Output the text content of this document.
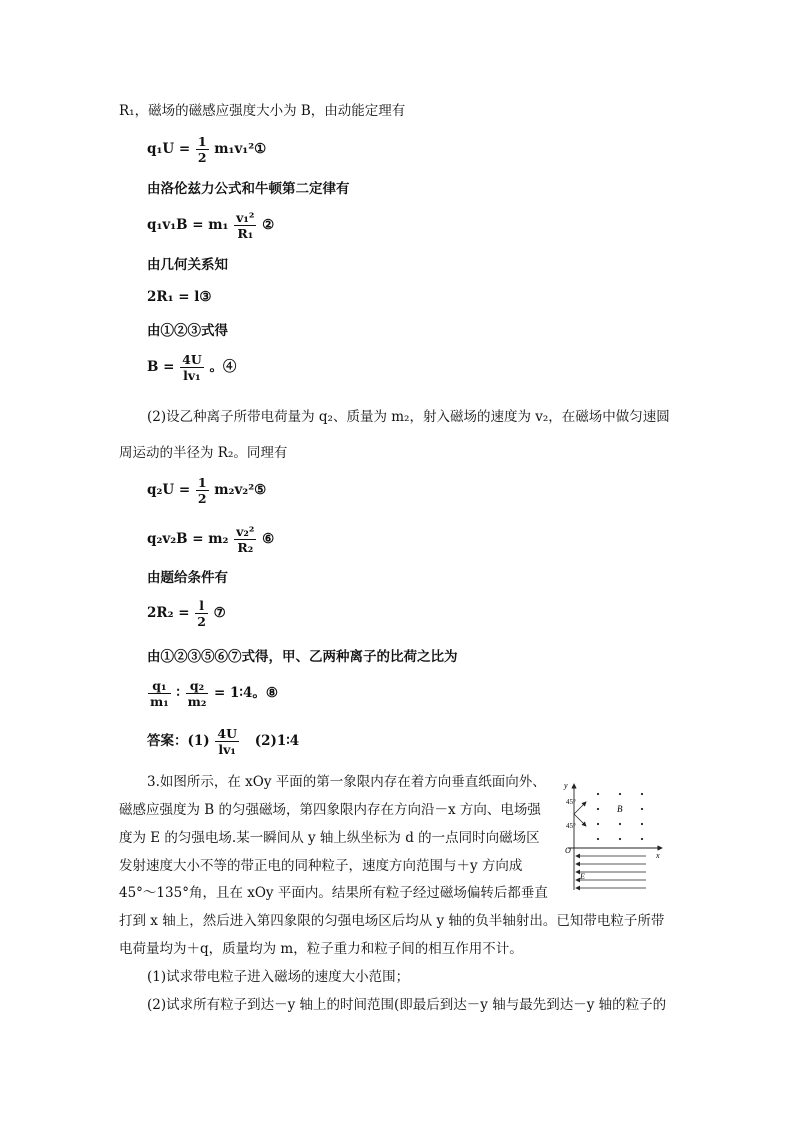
R₁，磁场的磁感应强度大小为 B，由动能定理有
$q_1U = \frac{1}{2}$ m₁v₁²①
由洛伦兹力公式和牛顿第二定律有
$q_1v_1B = m_1 \frac{\text{v₁²}}{\text{R₁}}$ ②
由几何关系知
2R₁ = l③
由①②③式得
$B = \frac{4U}{\text{lv₁}}$ 。④
(2)设乙种离子所带电荷量为 q₂、质量为 m₂，射入磁场的速度为 v₂，在磁场中做匀速圆
周运动的半径为 R₂。同理有
$q_2U = \frac{1}{2}$ m₂v₂²⑤
$q_2v_2B = m_2 \frac{\text{v₂²}}{\text{R₂}}$ ⑥
由题给条件有
$2R_2 = \frac{l}{2}$ ⑦
由①②③⑤⑥⑦式得，甲、乙两种离子的比荷之比为
$\frac{\text{q₁}}{\text{m₁}}$ ∶ $\frac{\text{q₂}}{\text{m₂}}$ = 1∶4。⑧
答案：$(1) \frac{4U}{\text{lv₁}}$ (2)1∶4
3.如图所示，在 xOy 平面的第一象限内存在着方向垂直纸面向外、
磁感应强度为 B 的匀强磁场，第四象限内存在方向沿－x 方向、电场强
度为 E 的匀强电场.某一瞬间从 y 轴上纵坐标为 d 的一点同时向磁场区
发射速度大小不等的带正电的同种粒子，速度方向范围与＋y 方向成
45°～135°角，且在 xOy 平面内。结果所有粒子经过磁场偏转后都垂直
打到 x 轴上，然后进入第四象限的匀强电场区后均从 y 轴的负半轴射出。已知带电粒子所带
电荷量均为＋q，质量均为 m，粒子重力和粒子间的相互作用不计。
(1)试求带电粒子进入磁场的速度大小范围；
(2)试求所有粒子到达－y 轴上的时间范围(即最后到达－y 轴与最先到达－y 轴的粒子的
y
x
O
B
45°
45°
E
